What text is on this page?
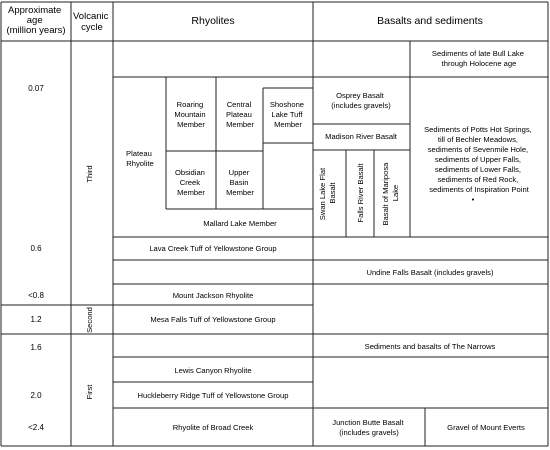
Approximate age (million years)
Volcanic cycle
Rhyolites	Basalts and sediments
0.07
0.6
<0.8
1.2
1.6
2.0
<2.4
Third
Second
First
Plateau Rhyolite
Roaring Mountain Member
Central Plateau Member
Shoshone Lake Tuff Member
Obsidian Creek Member
Upper Basin Member
Mallard Lake Member
Lava Creek Tuff of Yellowstone Group
Mount Jackson Rhyolite
Mesa Falls Tuff of Yellowstone Group
Lewis Canyon Rhyolite
Huckleberry Ridge Tuff of Yellowstone Group
Rhyolite of Broad Creek
Sediments of late Bull Lake through Holocene age
Osprey Basalt (includes gravels)
Madison River Basalt
Sediments of Potts Hot Springs, till of Bechler Meadows, sediments of Sevenmile Hole, sediments of Upper Falls, sediments of Lower Falls, sediments of Red Rock, sediments of Inspiration Point
•
Swan Lake Flat Basalt	Falls River Basalt Basalt of Mariposa Lake
Undine Falls Basalt (includes gravels)
Sediments and basalts of The Narrows
Junction Butte Basalt (includes gravels)
Gravel of Mount Everts
